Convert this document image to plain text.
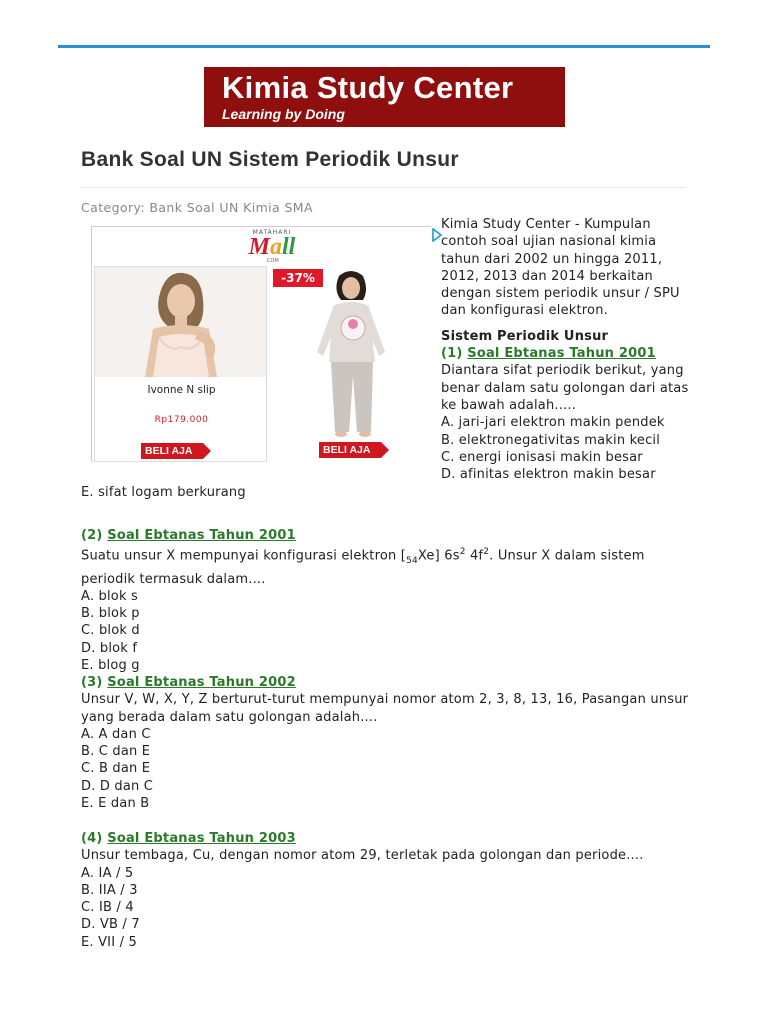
Kimia Study Center
Learning by Doing
Bank Soal UN Sistem Periodik Unsur
Category: Bank Soal UN Kimia SMA
MATAHARI
Mall
.COM
Ivonne N slip
Rp179.000
BELI AJA
-37%
BELI AJA

Kimia Study Center - Kumpulan contoh soal ujian nasional kimia tahun dari 2002 un hingga 2011, 2012, 2013 dan 2014 berkaitan dengan sistem periodik unsur / SPU dan konfigurasi elektron.

Sistem Periodik Unsur

(1) Soal Ebtanas Tahun 2001

Diantara sifat periodik berikut, yang benar dalam satu golongan dari atas ke bawah adalah.....

A. jari-jari elektron makin pendek

B. elektronegativitas makin kecil

C. energi ionisasi makin besar

D. afinitas elektron makin besar

E. sifat logam berkurang

(2) Soal Ebtanas Tahun 2001

Suatu unsur X mempunyai konfigurasi elektron $[_{54}Xe]$ $6s^2$ $4f^2$. Unsur X dalam sistem periodik termasuk dalam....

A. blok s

B. blok p

C. blok d

D. blok f

E. blog g

(3) Soal Ebtanas Tahun 2002

Unsur V, W, X, Y, Z berturut-turut mempunyai nomor atom 2, 3, 8, 13, 16, Pasangan unsur yang berada dalam satu golongan adalah....

A. A dan C

B. C dan E

C. B dan E

D. D dan C

E. E dan B

(4) Soal Ebtanas Tahun 2003

Unsur tembaga, Cu, dengan nomor atom 29, terletak pada golongan dan periode....

A. IA / 5

B. IIA / 3

C. IB / 4

D. VB / 7

E. VII / 5
